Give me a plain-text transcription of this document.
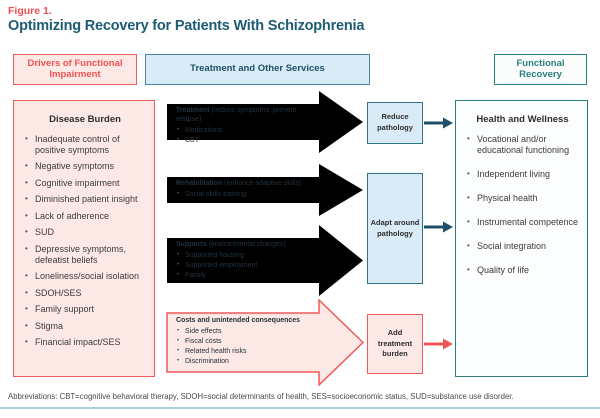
Figure 1.
Optimizing Recovery for Patients With Schizophrenia
Drivers of Functional Impairment	Treatment and Other Services	Functional Recovery
Disease Burden
• Inadequate control of positive symptoms
• Negative symptoms
• Cognitive impairment
• Diminished patient insight
• Lack of adherence
• SUD
• Depressive symptoms, defeatist beliefs
• Loneliness/social isolation
• SDOH/SES
• Family support
• Stigma
• Financial impact/SES
Treatment (reduce symptoms; prevent relapse)
• Medications
• CBT
Rehabilitation (enhance adaptive skills)
• Social skills training
Supports (environmental changes)
• Supported housing
• Supported employment
• Family
Costs and unintended consequences
• Side effects
• Fiscal costs
• Related health risks
• Discrimination
Reduce pathology
Adapt around pathology
Add treatment burden
Health and Wellness
• Vocational and/or educational functioning
• Independent living
• Physical health
• Instrumental competence
• Social integration
• Quality of life
Abbreviations: CBT=cognitive behavioral therapy, SDOH=social determinants of health, SES=socioeconomic status, SUD=substance use disorder.
